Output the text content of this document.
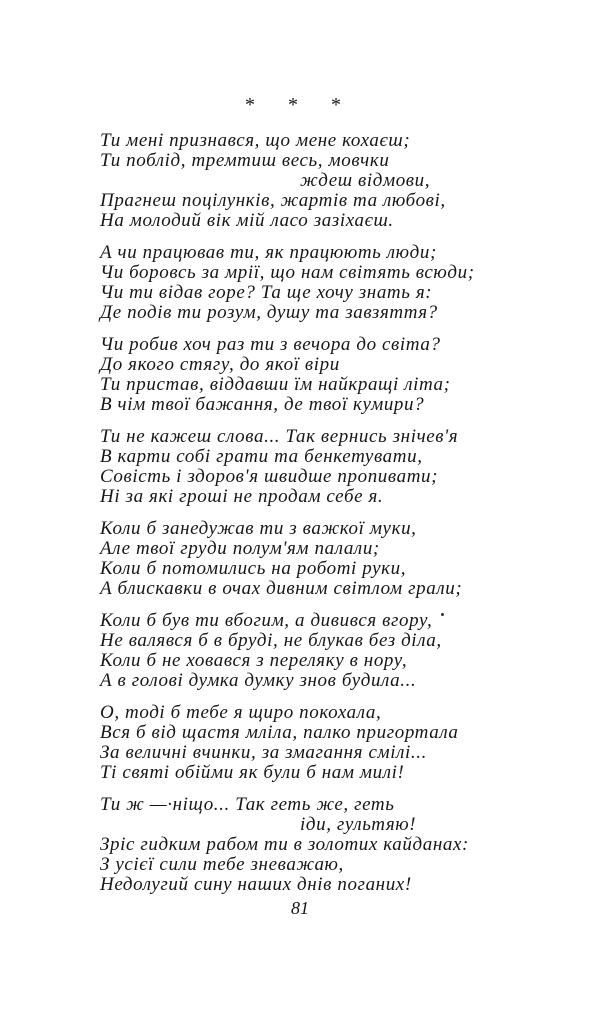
* * *
Ти мені признався, що мене кохаєш;
Ти поблід, тремтиш весь, мовчки
ждеш відмови,
Прагнеш поцілунків, жартів та любові,
На молодий вік мій ласо зазіхаєш.
А чи працював ти, як працюють люди;
Чи боровсь за мрії, що нам світять всюди;
Чи ти відав горе? Та ще хочу знать я:
Де подів ти розум, душу та завзяття?
Чи робив хоч раз ти з вечора до світа?
До якого стягу, до якої віри
Ти пристав, віддавши їм найкращі літа;
В чім твої бажання, де твої кумири?
Ти не кажеш слова... Так вернись знічев'я
В карти собі грати та бенкетувати,
Совість і здоров'я швидше пропивати;
Ні за які гроші не продам себе я.
Коли б занедужав ти з важкої муки,
Але твої груди полум'ям палали;
Коли б потомились на роботі руки,
А блискавки в очах дивним світлом грали;
Коли б був ти вбогим, а дивився вгору,
Не валявся б в бруді, не блукав без діла,
Коли б не ховався з переляку в нору,
А в голові думка думку знов будила...
О, тоді б тебе я щиро покохала,
Вся б від щастя мліла, палко пригортала
За величні вчинки, за змагання смілі...
Ті святі обійми як були б нам милі!
Ти ж —·ніщо... Так геть же, геть
іди, гультяю!
Зріс гидким рабом ти в золотих кайданах:
З усієї сили тебе зневажаю,
Недолугий сину наших днів поганих!
81
